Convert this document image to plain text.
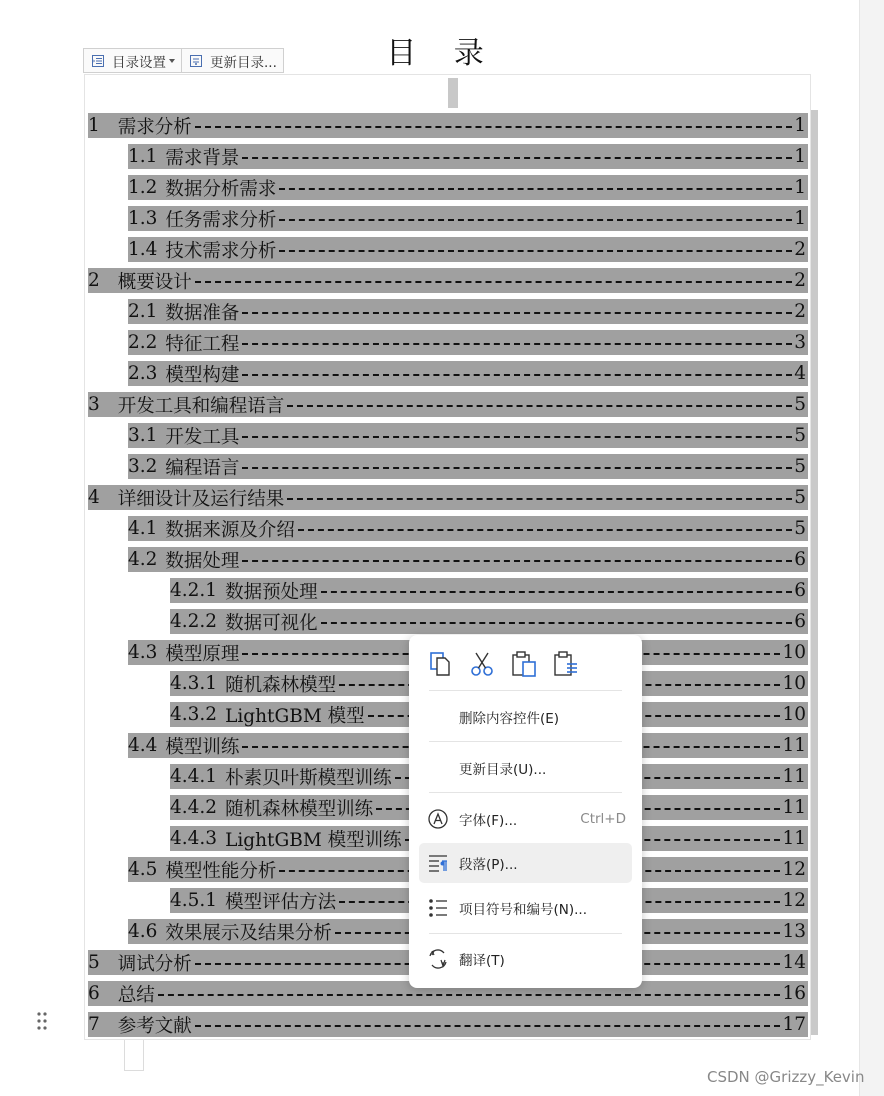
目 录
目录设置	更新目录...
1 需求分析	1
1.1 需求背景	1
1.2 数据分析需求	1
1.3 任务需求分析	1
1.4 技术需求分析	2
2 概要设计	2
2.1 数据准备	2
2.2 特征工程	3
2.3 模型构建	4
3 开发工具和编程语言	5
3.1 开发工具	5
3.2 编程语言	5
4 详细设计及运行结果	5
4.1 数据来源及介绍	5
4.2 数据处理	6
4.2.1 数据预处理	6
4.2.2 数据可视化	6
4.3 模型原理	10
4.3.1 随机森林模型	10
4.3.2 LightGBM 模型	10
4.4 模型训练	11
4.4.1 朴素贝叶斯模型训练	11
4.4.2 随机森林模型训练	11
4.4.3 LightGBM 模型训练	11
4.5 模型性能分析	12
4.5.1 模型评估方法	12
4.6 效果展示及结果分析	13
5 调试分析	14
6 总结	16
7 参考文献	17
删除内容控件(E)
更新目录(U)...
字体(F)...	Ctrl+D
段落(P)...
项目符号和编号(N)...
翻译(T)
CSDN @Grizzy_Kevin
